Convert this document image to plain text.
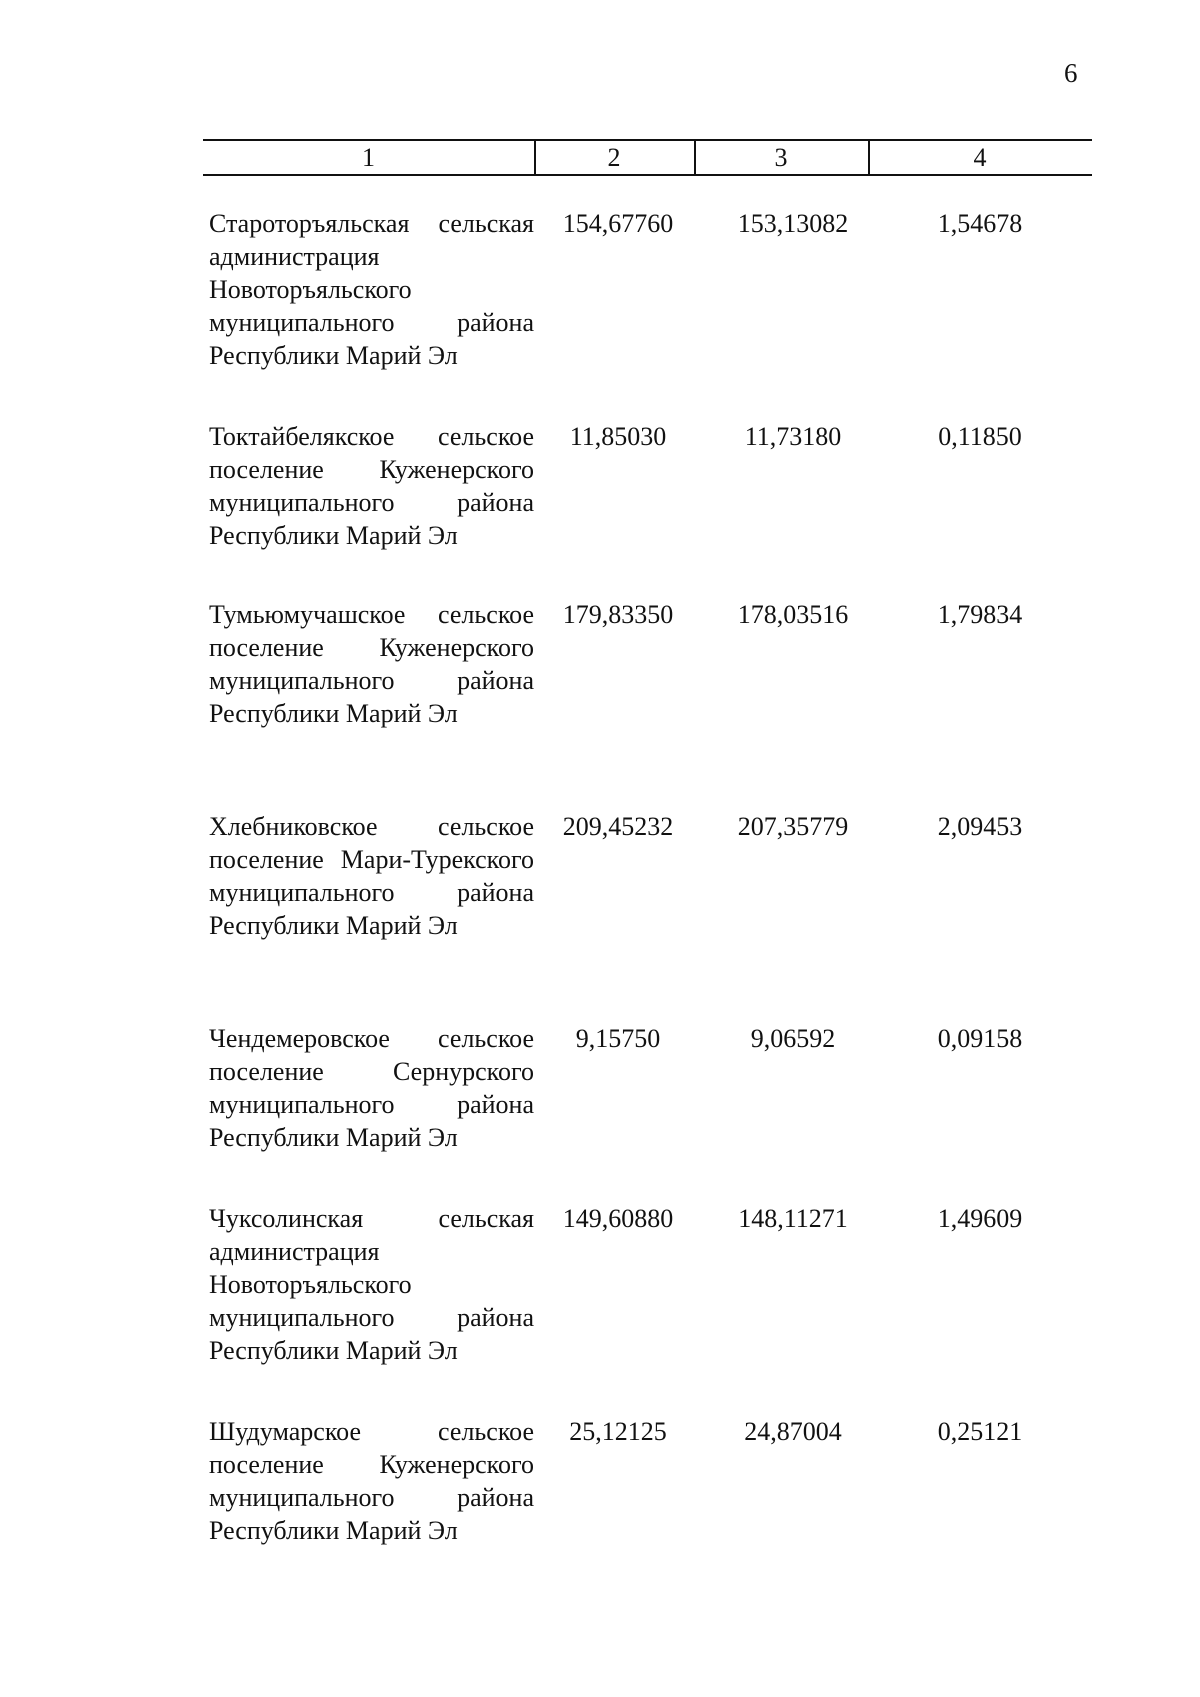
6
1	2	3	4
Староторъяльская сельская администрация Новоторъяльского муниципального района Республики Марий Эл
154,67760	153,13082	1,54678
Токтайбелякское сельское поселение Куженерского муниципального района Республики Марий Эл
11,85030	11,73180	0,11850
Тумьюмучашское сельское поселение Куженерского муниципального района Республики Марий Эл
179,83350	178,03516	1,79834
Хлебниковское сельское поселение Мари-Турекского муниципального района Республики Марий Эл
209,45232	207,35779	2,09453
Чендемеровское сельское поселение Сернурского муниципального района Республики Марий Эл
9,15750	9,06592	0,09158
Чуксолинская сельская администрация Новоторъяльского муниципального района Республики Марий Эл
149,60880	148,11271	1,49609
Шудумарское сельское поселение Куженерского муниципального района Республики Марий Эл
25,12125	24,87004	0,25121
